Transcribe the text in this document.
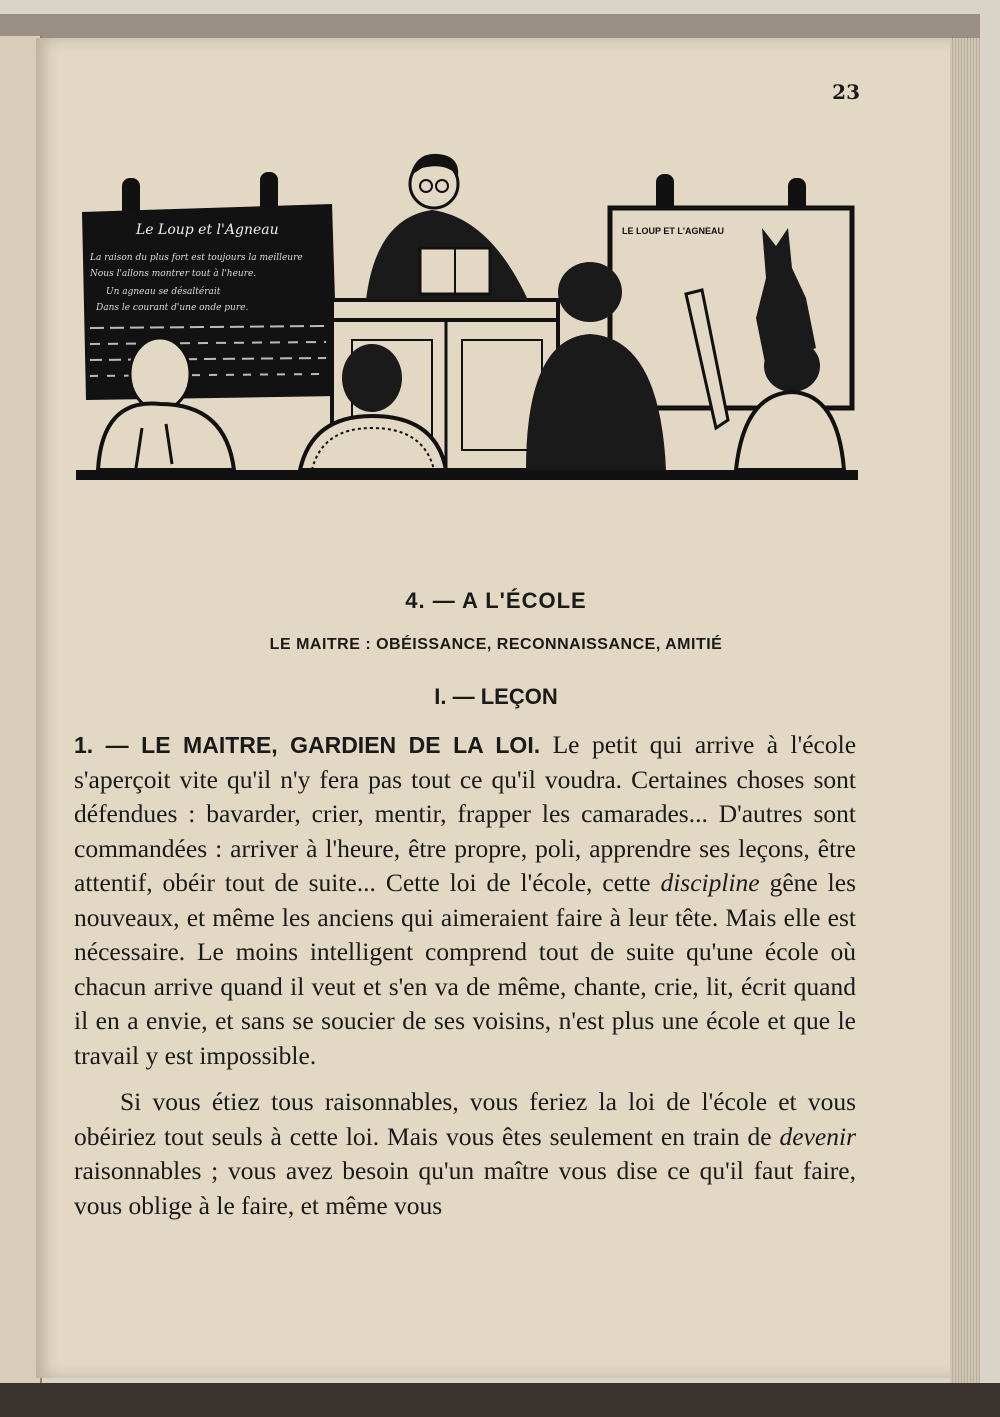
23
Le Loup et l'Agneau
La raison du plus fort est toujours la meilleure
Nous l'allons montrer tout à l'heure.
Un agneau se désaltérait
Dans le courant d'une onde pure.
LE LOUP ET L'AGNEAU
4. — A L'ÉCOLE
LE MAITRE : OBÉISSANCE, RECONNAISSANCE, AMITIÉ
I. — LEÇON

1. — LE MAITRE, GARDIEN DE LA LOI. Le petit qui arrive à l'école s'aperçoit vite qu'il n'y fera pas tout ce qu'il voudra. Certaines choses sont défendues : bavarder, crier, mentir, frapper les camarades... D'autres sont commandées : arriver à l'heure, être propre, poli, apprendre ses leçons, être attentif, obéir tout de suite... Cette loi de l'école, cette discipline gêne les nouveaux, et même les anciens qui aimeraient faire à leur tête. Mais elle est nécessaire. Le moins intelligent comprend tout de suite qu'une école où chacun arrive quand il veut et s'en va de même, chante, crie, lit, écrit quand il en a envie, et sans se soucier de ses voisins, n'est plus une école et que le travail y est impossible.

Si vous étiez tous raisonnables, vous feriez la loi de l'école et vous obéiriez tout seuls à cette loi. Mais vous êtes seulement en train de devenir raisonnables ; vous avez besoin qu'un maître vous dise ce qu'il faut faire, vous oblige à le faire, et même vous
